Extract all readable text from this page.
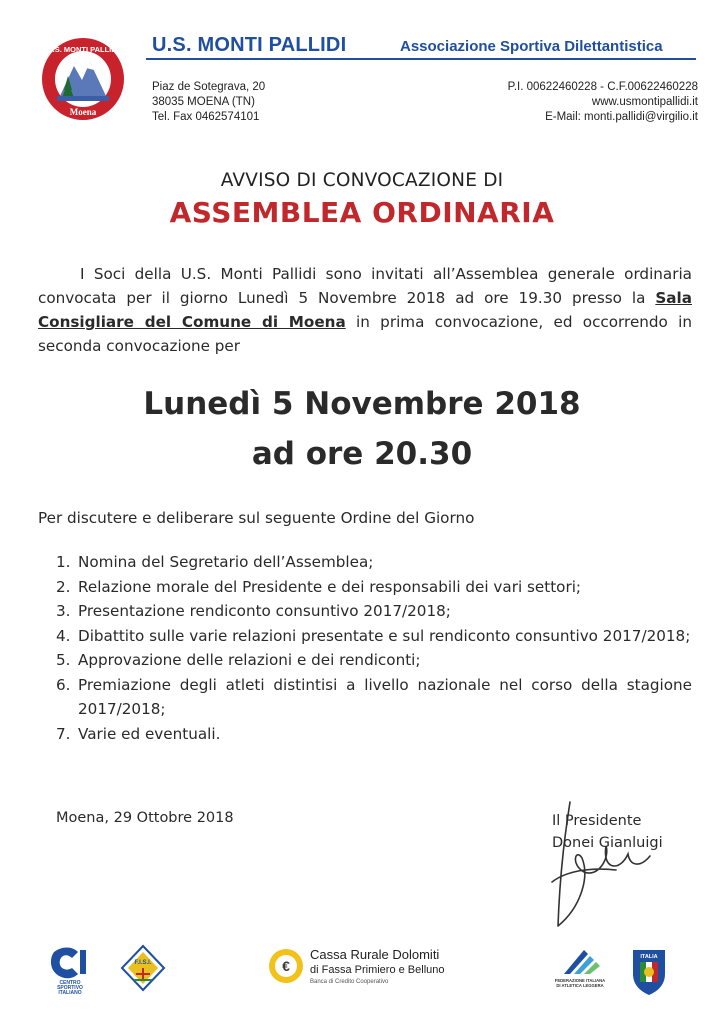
U.S. MONTI PALLIDI
Moena
U.S. MONTI PALLIDI	Associazione Sportiva Dilettantistica
Piaz de Sotegrava, 20
38035 MOENA (TN)
Tel. Fax 0462574101
P.I. 00622460228 - C.F.00622460228
www.usmontipallidi.it
E-Mail: monti.pallidi@virgilio.it
AVVISO DI CONVOCAZIONE DI
ASSEMBLEA ORDINARIA
I Soci della U.S. Monti Pallidi sono invitati all’Assemblea generale ordinaria convocata per il giorno Lunedì 5 Novembre 2018 ad ore 19.30 presso la Sala Consigliare del Comune di Moena in prima convocazione, ed occorrendo in seconda convocazione per
Lunedì 5 Novembre 2018
ad ore 20.30
Per discutere e deliberare sul seguente Ordine del Giorno
1. Nomina del Segretario dell’Assemblea;
2. Relazione morale del Presidente e dei responsabili dei vari settori;
3. Presentazione rendiconto consuntivo 2017/2018;
4. Dibattito sulle varie relazioni presentate e sul rendiconto consuntivo 2017/2018;
5. Approvazione delle relazioni e dei rendiconti;
6. Premiazione degli atleti distintisi a livello nazionale nel corso della stagione 2017/2018;
7. Varie ed eventuali.
Moena, 29 Ottobre 2018	Il Presidente
Donei Gianluigi
CENTRO
SPORTIVO
ITALIANO
F.I.S.I.	€
Cassa Rurale Dolomiti
di Fassa Primiero e Belluno
Banca di Credito Cooperativo	FEDERAZIONE ITALIANA
DI ATLETICA LEGGERA
ITALIA
